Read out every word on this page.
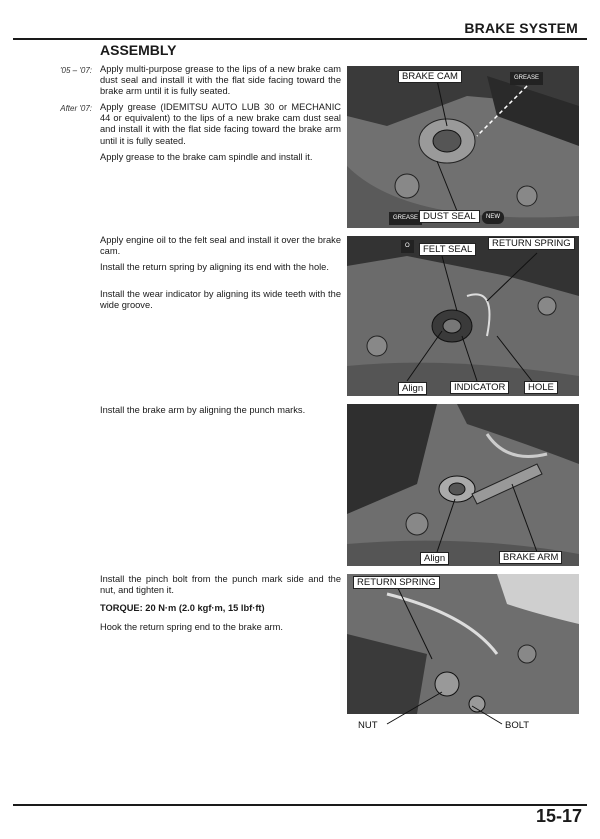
BRAKE SYSTEM
ASSEMBLY
'05 – '07: Apply multi-purpose grease to the lips of a new brake cam dust seal and install it with the flat side facing toward the brake arm until it is fully seated.
After '07: Apply grease (IDEMITSU AUTO LUB 30 or MECHANIC 44 or equivalent) to the lips of a new brake cam dust seal and install it with the flat side facing toward the brake arm until it is fully seated.
Apply grease to the brake cam spindle and install it.
Apply engine oil to the felt seal and install it over the brake cam.
Install the return spring by aligning its end with the hole.
Install the wear indicator by aligning its wide teeth with the wide groove.
Install the brake arm by aligning the punch marks.
Install the pinch bolt from the punch mark side and the nut, and tighten it.
TORQUE: 20 N·m (2.0 kgf·m, 15 lbf·ft)
Hook the return spring end to the brake arm.
BRAKE CAM	GREASE
GREASE DUST SEAL	NEW
O	FELT SEAL
RETURN SPRING
Align	INDICATOR	HOLE
Align	BRAKE ARM
RETURN SPRING
NUT	BOLT
15-17
